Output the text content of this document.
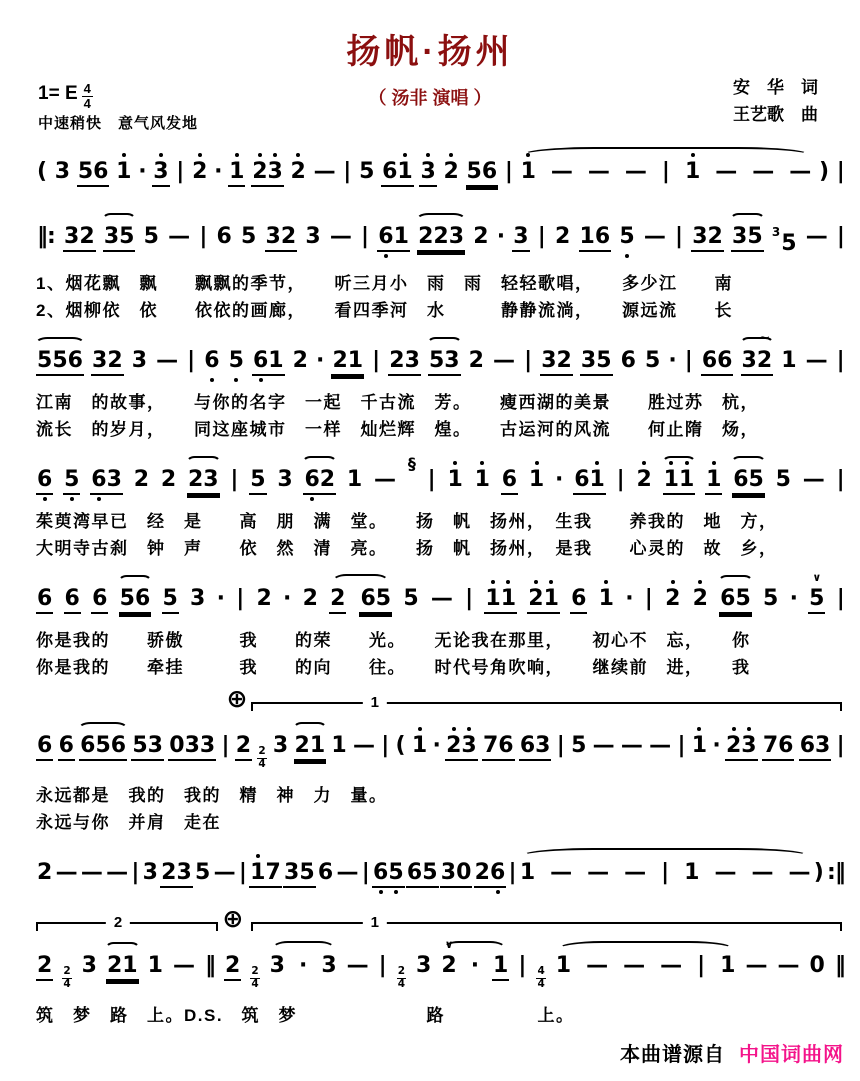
扬帆·扬州
（ 汤非 演唱 ）
1= E $\frac{4}{4}$
中速稍快　意气风发地
安　华　词
王艺歌　曲
( 3 5 6 1 · 3 | 2 · 1 2 3 2 — | 5 6 1 3 2 5 6 | 1 — — — | 1 — — — ) |
‖ : 3 2 3 5 5 — | 6 5 3 2 3 — | 6 1 2 2 3 2 · 3 | 2 1 6 5 — | 3 2 3 5 3 5 — |
1、烟花飘　飘　　飘飘的季节，　　听三月小　雨　雨　轻轻歌唱，　　多少江　　南
2、烟柳依　依　　依依的画廊，　　看四季河　水　　　静静流淌，　　源远流　　长
5 5 6 3 2 3 — | 6 5 6 1 2 · 2 1 | 2 3 5 3 2 — | 3 2 3 5 6 5 · | 6 6
~
3 2 1 — |
江南　的故事，　　与你的名字　一起　千古流　芳。　　瘦西湖的美景　　胜过苏　杭，
流长　的岁月，　　同这座城市　一样　灿烂辉　煌。　　古运河的风流　　何止隋　炀，
6 5 6 3 2 2 2 3 | 5 3 6 2 1 —
§
| 1 1 6 1 · 6 1 | 2 1 1 1 6 5 5 — |
茱萸湾早已　经　是　　高　朋　满　堂。　　扬　帆　扬州，　生我　　养我的　地　方，
大明寺古刹　钟　声　　依　然　清　亮。　　扬　帆　扬州，　是我　　心灵的　故　乡，
6 6 6 5 6 5 3 · | 2 · 2 2 6 5 5 — | 1 1 2 1 6 1 · | 2 2 6 5 5 ·
∨
5 |
你是我的　　骄傲　　　我　　的荣　　光。　　无论我在那里，　　初心不　忘，　　你
你是我的　　牵挂　　　我　　的向　　往。　　时代号角吹响，　　继续前　进，　　我
⊕	1
6 6 6 5 6 5 3 0 3 3 | 2
$\frac{2}{4}$
3 2 1 1 — | ( 1 · 2 3 7 6 6 3 | 5 — — — | 1 · 2 3 7 6 6 3 |
永远都是　我的　我的　精　神　力　量。
永远与你　并肩　走在
2 — — — | 3 2 3 5 — | 1 7 3 5 6 — | 6 5 6 5 3 0 2 6 | 1 — — — | 1 — — — ) : ‖
2	⊕	1
2
$\frac{2}{4}$
3 2 1 1 — ‖ 2
$\frac{2}{4}$
3 · 3 — |
$\frac{2}{4}$
3
∨
2 · 1 |
$\frac{4}{4}$
1 — — — | 1 — — 0 ‖
筑　梦　路　上。D.S.　筑　梦　　　　　　　路　　　　　上。
本曲谱源自 中国词曲网
